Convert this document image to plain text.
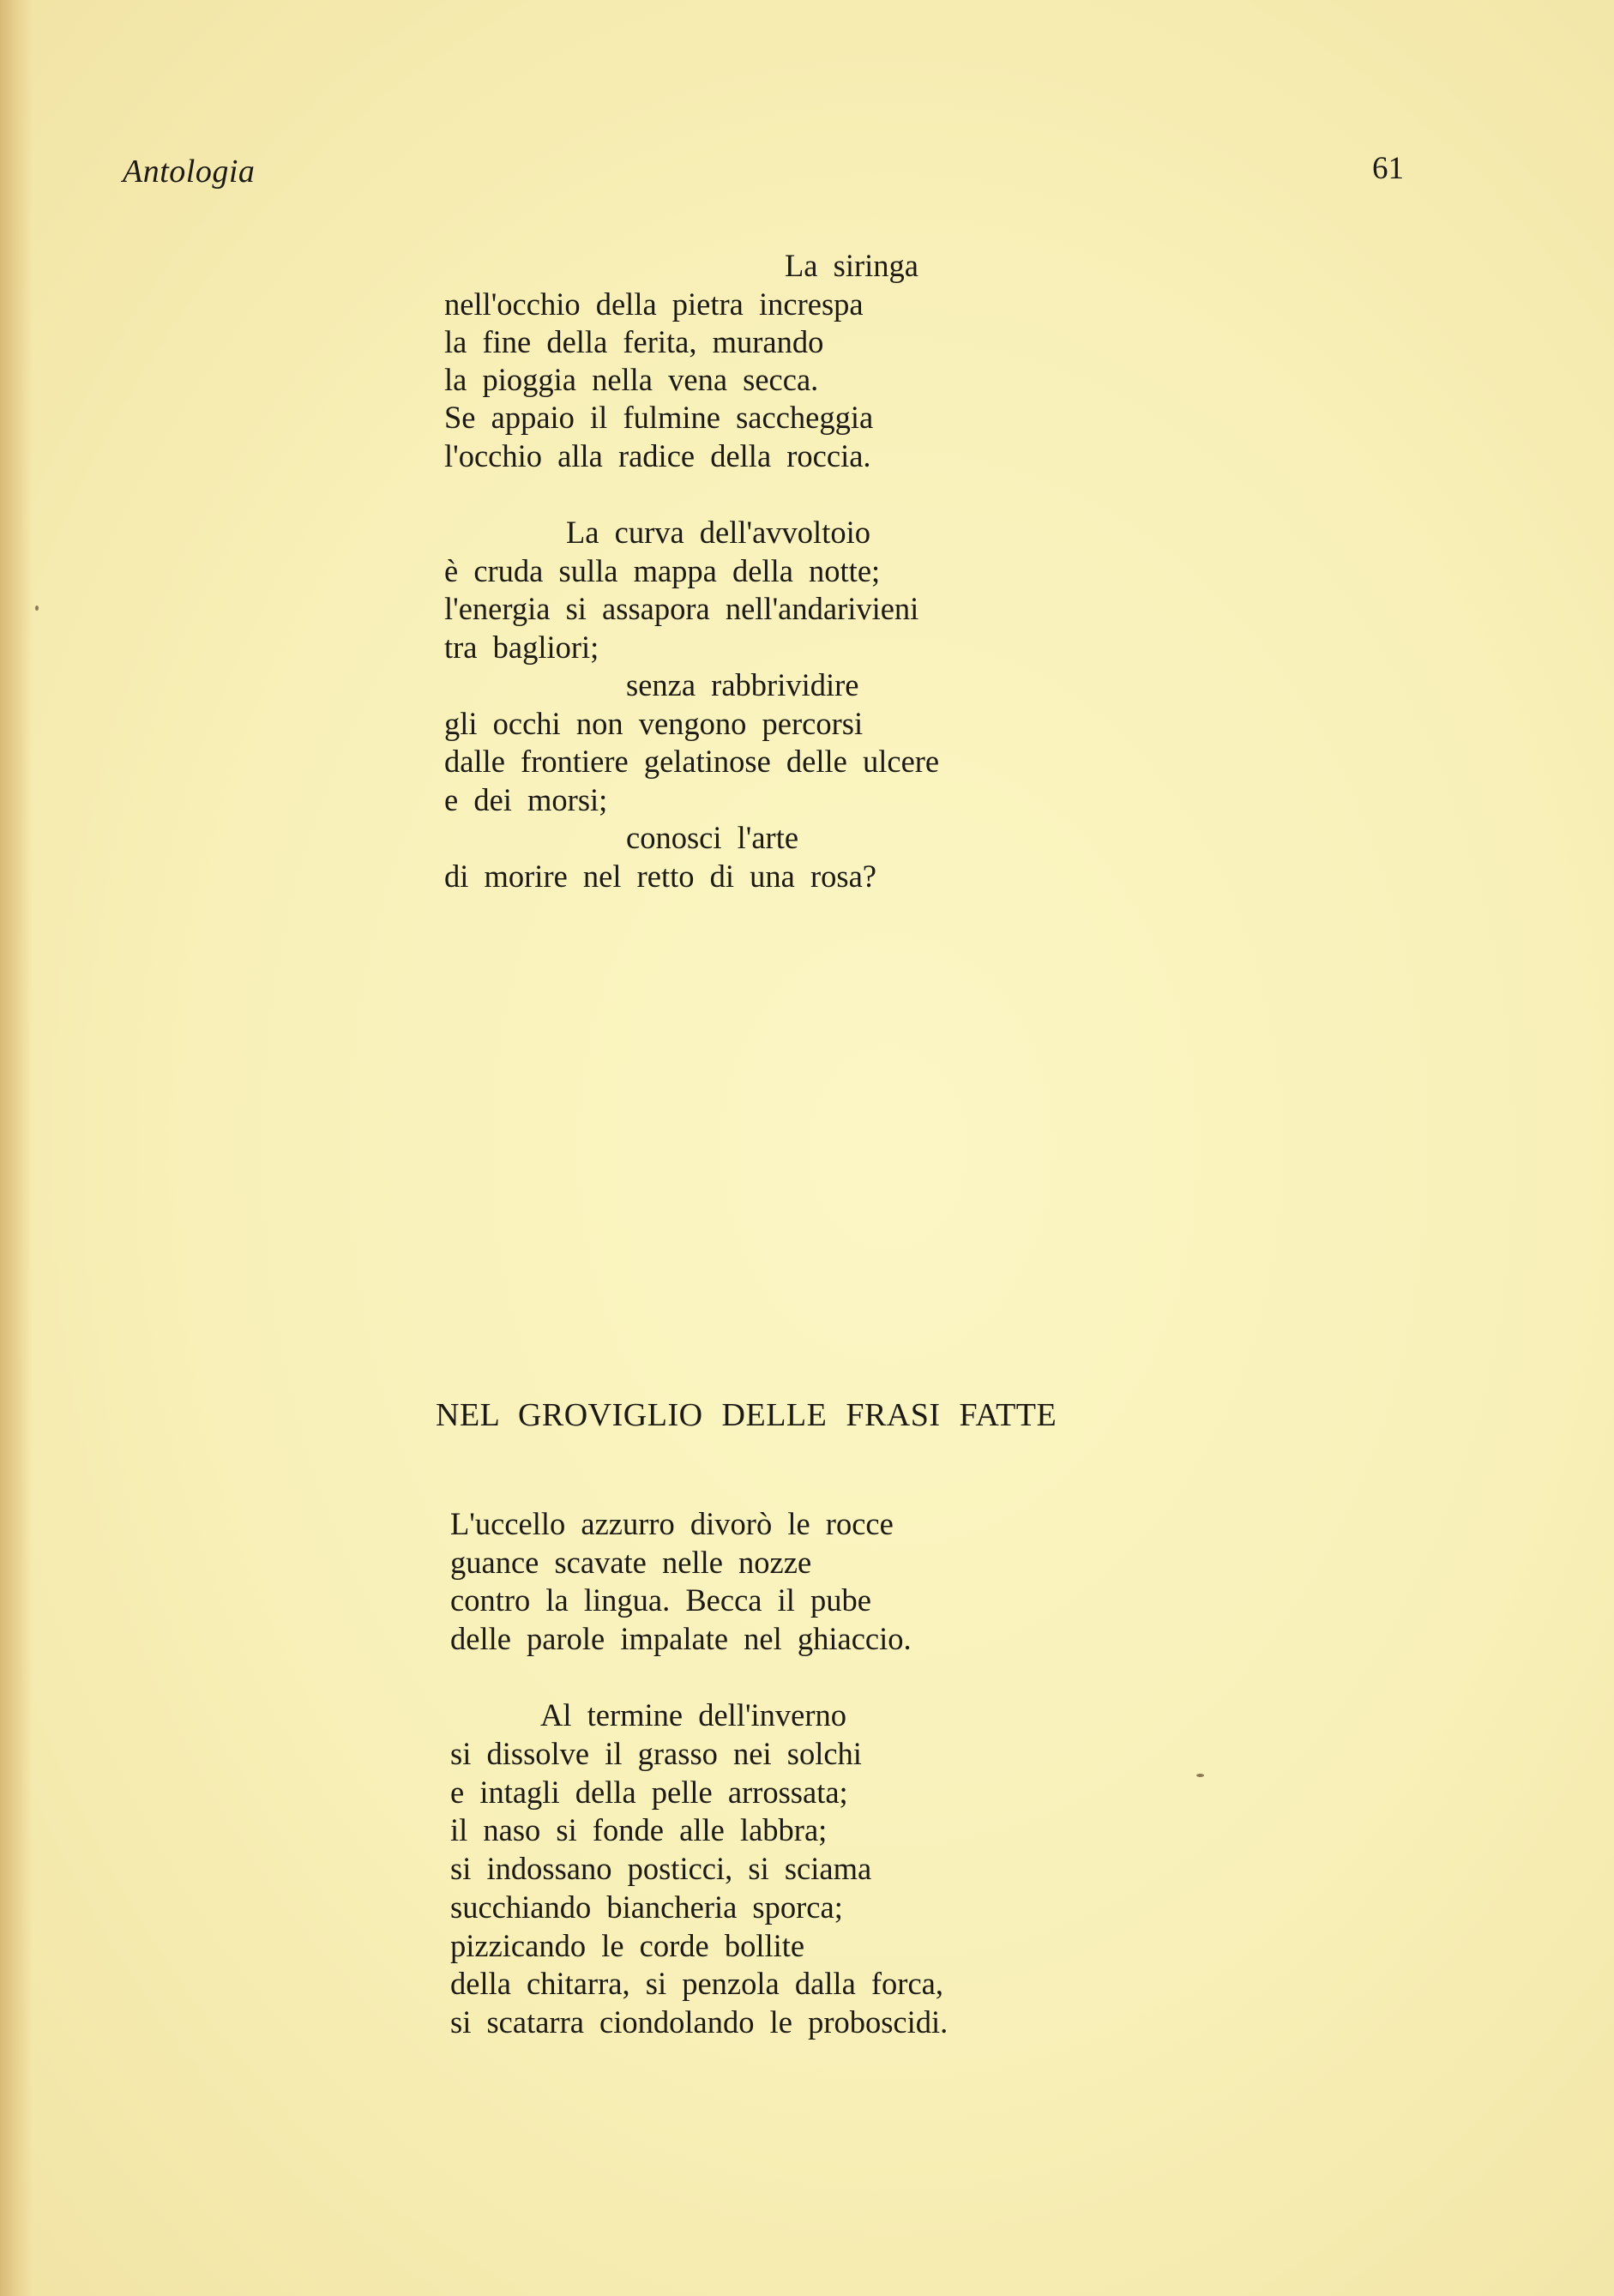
Antologia	61
La siringa
nell'occhio della pietra increspa
la fine della ferita, murando
la pioggia nella vena secca.
Se appaio il fulmine saccheggia
l'occhio alla radice della roccia.
La curva dell'avvoltoio
è cruda sulla mappa della notte;
l'energia si assapora nell'andarivieni
tra bagliori;
senza rabbrividire
gli occhi non vengono percorsi
dalle frontiere gelatinose delle ulcere
e dei morsi;
conosci l'arte
di morire nel retto di una rosa?
NEL GROVIGLIO DELLE FRASI FATTE
L'uccello azzurro divorò le rocce
guance scavate nelle nozze
contro la lingua. Becca il pube
delle parole impalate nel ghiaccio.
Al termine dell'inverno
si dissolve il grasso nei solchi
e intagli della pelle arrossata;
il naso si fonde alle labbra;
si indossano posticci, si sciama
succhiando biancheria sporca;
pizzicando le corde bollite
della chitarra, si penzola dalla forca,
si scatarra ciondolando le proboscidi.
